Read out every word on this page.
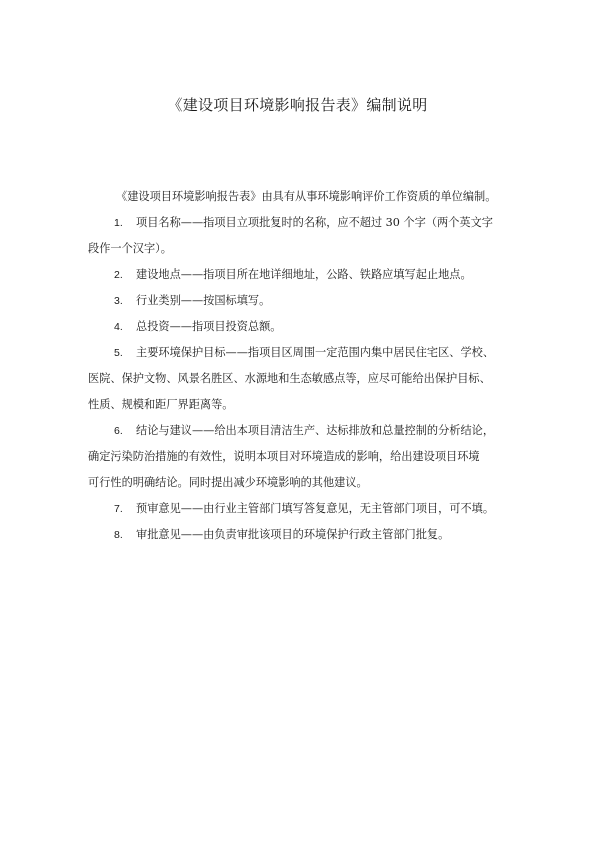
《建设项目环境影响报告表》编制说明

《建设项目环境影响报告表》由具有从事环境影响评价工作资质的单位编制。

1. 项目名称——指项目立项批复时的名称，应不超过 30 个字（两个英文字

段作一个汉字）。

2. 建设地点——指项目所在地详细地址，公路、铁路应填写起止地点。

3. 行业类别——按国标填写。

4. 总投资——指项目投资总额。

5. 主要环境保护目标——指项目区周围一定范围内集中居民住宅区、学校、

医院、保护文物、风景名胜区、水源地和生态敏感点等，应尽可能给出保护目标、

性质、规模和距厂界距离等。

6. 结论与建议——给出本项目清洁生产、达标排放和总量控制的分析结论，

确定污染防治措施的有效性，说明本项目对环境造成的影响，给出建设项目环境

可行性的明确结论。同时提出减少环境影响的其他建议。

7. 预审意见——由行业主管部门填写答复意见，无主管部门项目，可不填。

8. 审批意见——由负责审批该项目的环境保护行政主管部门批复。
